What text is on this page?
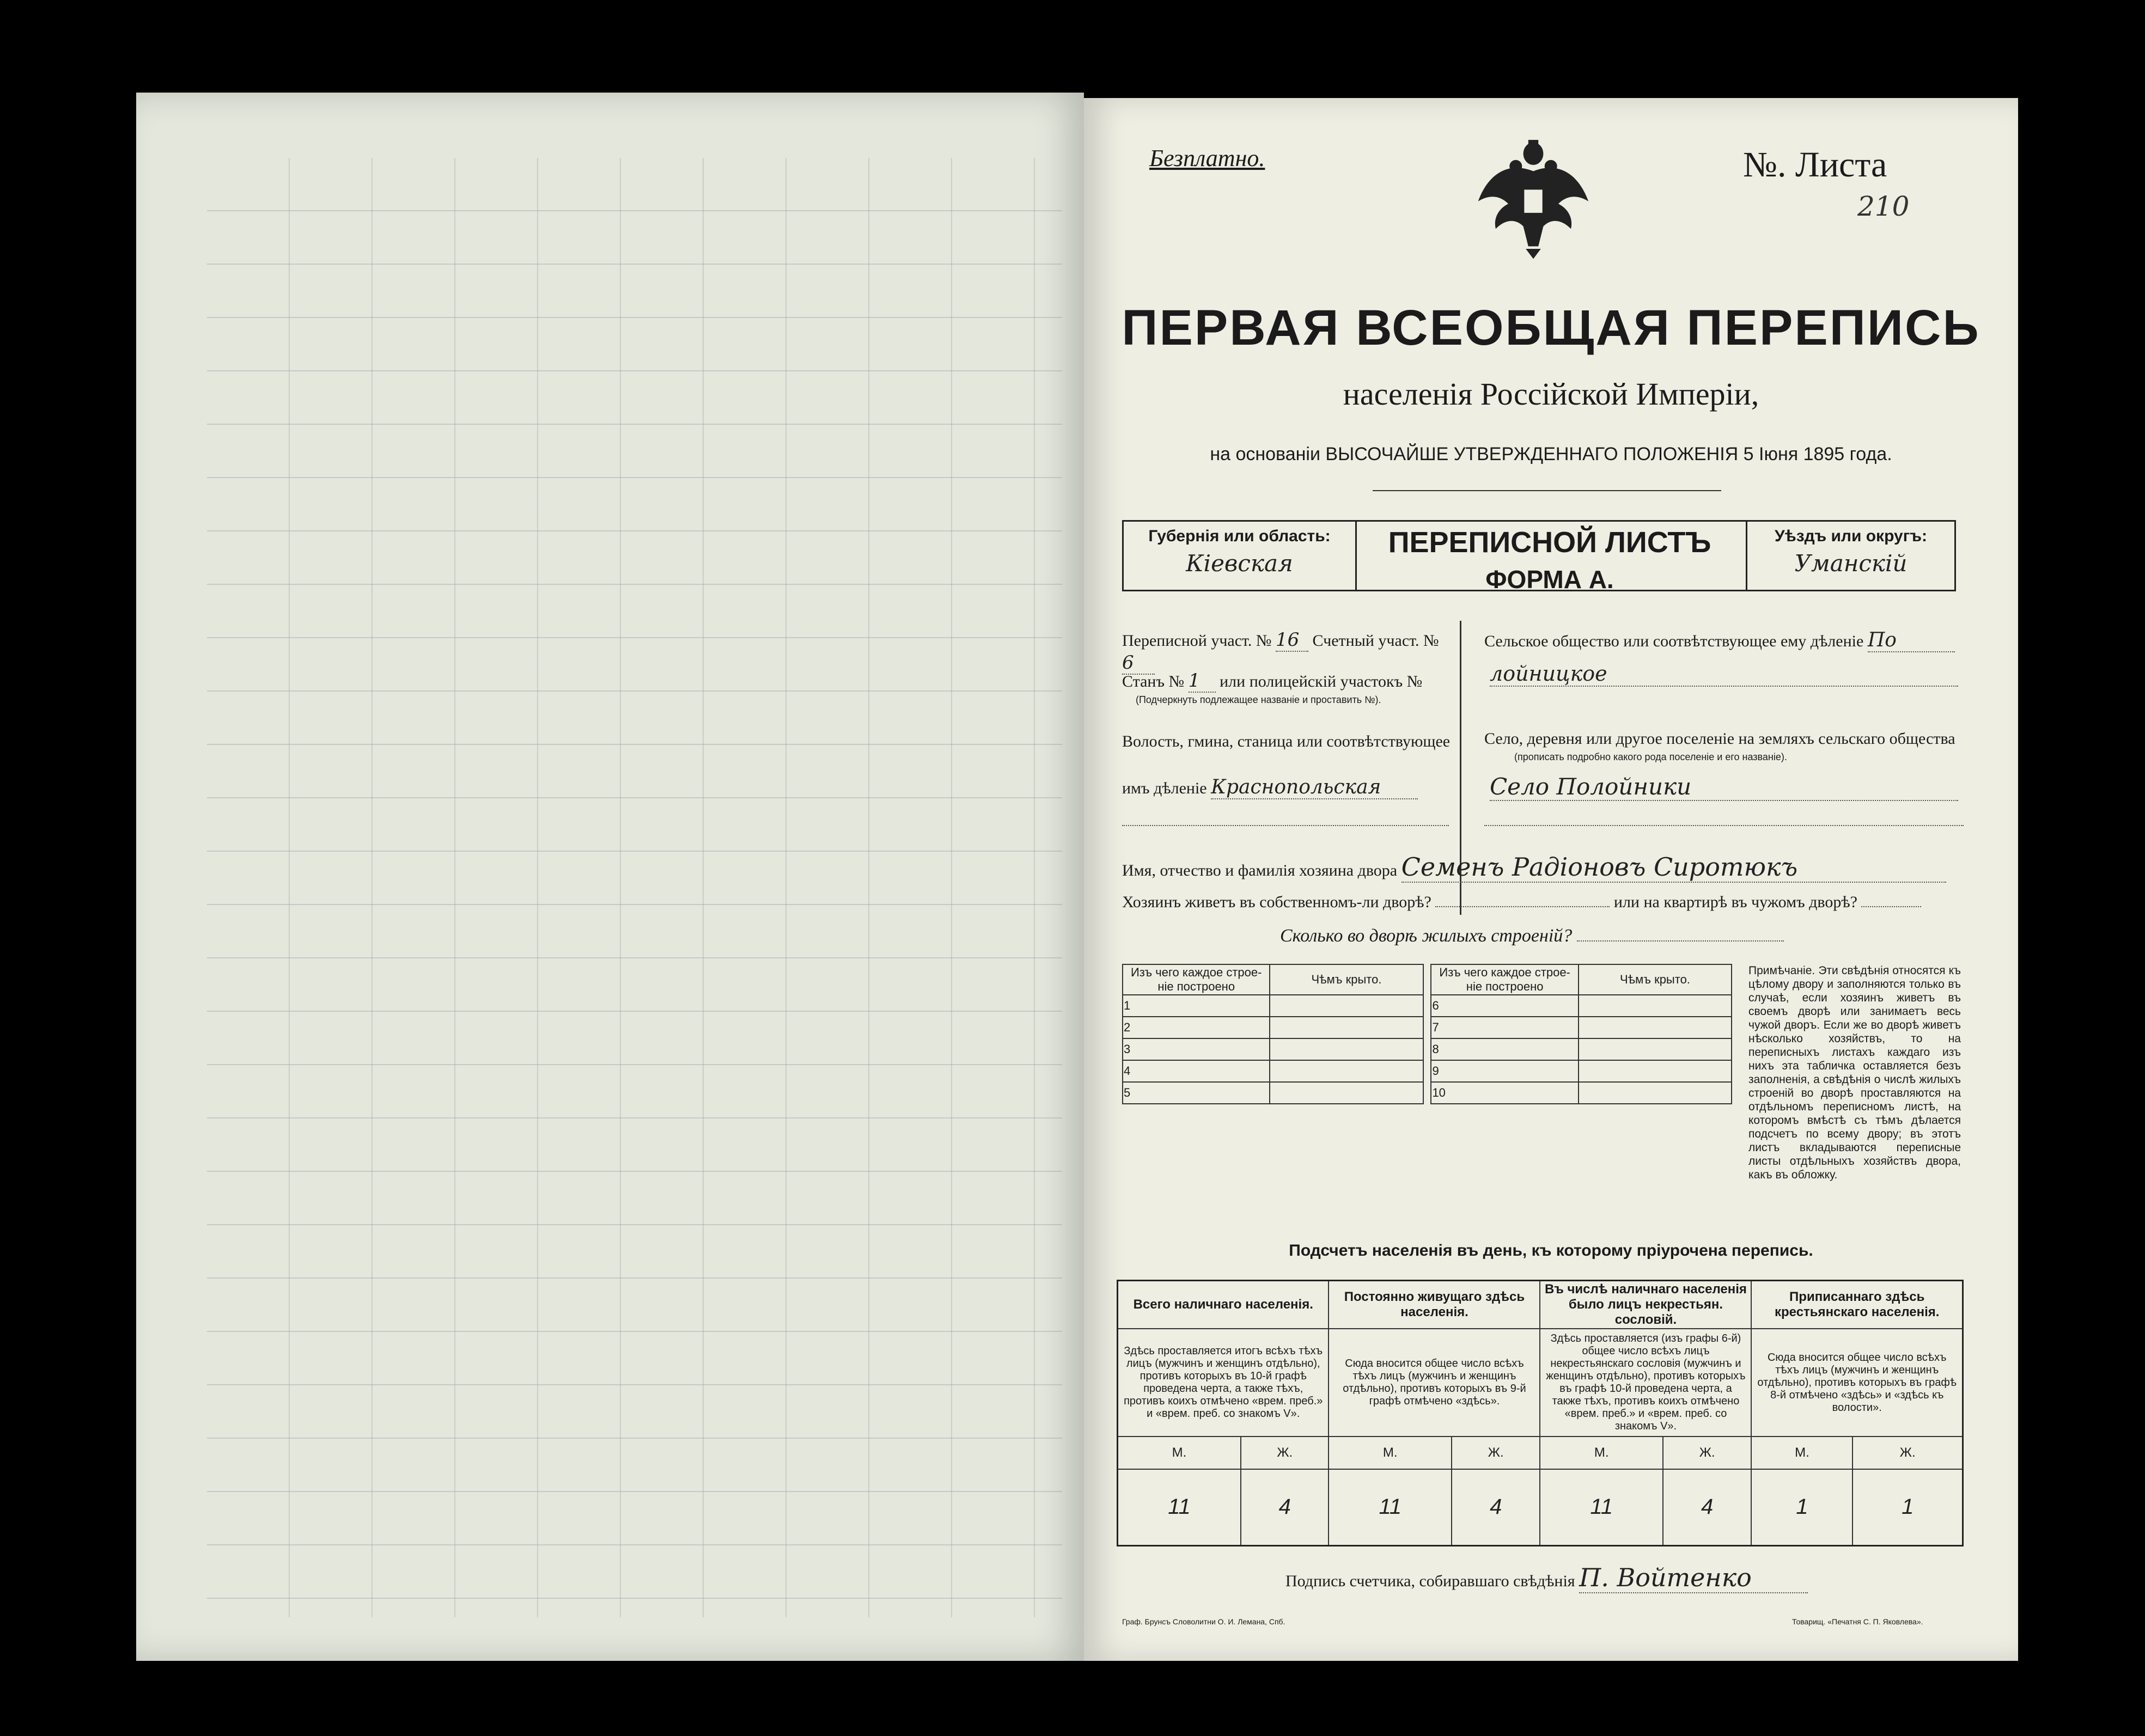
Безплатно.	№. Листа
210
ПЕРВАЯ ВСЕОБЩАЯ ПЕРЕПИСЬ
населенія Россійской Имперіи,
на основаніи ВЫСОЧАЙШЕ УТВЕРЖДЕННАГО ПОЛОЖЕНІЯ 5 Іюня 1895 года.
Губернія или область:
Кіевская
ПЕРЕПИСНОЙ ЛИСТЪ
ФОРМА А.
Уѣздъ или округъ:
Уманскій
Переписной участ. № 16 Счетный участ. № 6
Станъ № 1 или полицейскій участокъ №
(Подчеркнуть подлежащее названіе и проставить №).
Волость, гмина, станица или соотвѣтствующее
имъ дѣленіе Краснопольская
Сельское общество или соотвѣтствующее ему дѣленіе По
лойницкое
Село, деревня или другое поселеніе на земляхъ сельскаго общества
(прописать подробно какого рода поселеніе и его названіе).
Село Полойники
Имя, отчество и фамилія хозяина двора Семенъ Радіоновъ Сиротюкъ
Хозяинъ живетъ въ собственномъ-ли дворѣ?	или на квартирѣ въ чужомъ дворѣ?
Сколько во дворѣ жилыхъ строеній?
Изъ чего каждое строе-ніе построено	Чѣмъ крыто.		Изъ чего каждое строе-ніе построено	Чѣмъ крыто.
1			6	
2			7	
3			8	
4			9	
5			10	
Примѣчаніе. Эти свѣдѣнія относятся къ цѣлому двору и заполняются только въ случаѣ, если хозяинъ живетъ въ своемъ дворѣ или занимаетъ весь чужой дворъ. Если же во дворѣ живетъ нѣсколько хозяйствъ, то на переписныхъ листахъ каждаго изъ нихъ эта табличка оставляется безъ заполненія, а свѣдѣнія о числѣ жилыхъ строеній во дворѣ проставляются на отдѣльномъ переписномъ листѣ, на которомъ вмѣстѣ съ тѣмъ дѣлается подсчетъ по всему двору; въ этотъ листъ вкладываются переписные листы отдѣльныхъ хозяйствъ двора, какъ въ обложку.
Подсчетъ населенія въ день, къ которому пріурочена перепись.
Всего наличнаго населенія.		Постоянно живущаго здѣсь населенія.		Въ числѣ наличнаго населенія было лицъ некрестьян. сословій.		Приписаннаго здѣсь крестьянскаго населенія.	
Здѣсь проставляется итогъ всѣхъ тѣхъ лицъ (мужчинъ и женщинъ отдѣльно), противъ которыхъ въ 10-й графѣ проведена черта, а также тѣхъ, противъ коихъ отмѣчено «врем. преб.» и «врем. преб. со знакомъ V».		Сюда вносится общее число всѣхъ тѣхъ лицъ (мужчинъ и женщинъ отдѣльно), противъ которыхъ въ 9-й графѣ отмѣчено «здѣсь».		Здѣсь проставляется (изъ графы 6-й) общее число всѣхъ лицъ некрестьянскаго сословія (мужчинъ и женщинъ отдѣльно), противъ которыхъ въ графѣ 10-й проведена черта, а также тѣхъ, противъ коихъ отмѣчено «врем. преб.» и «врем. преб. со знакомъ V».		Сюда вносится общее число всѣхъ тѣхъ лицъ (мужчинъ и женщинъ отдѣльно), противъ которыхъ въ графѣ 8-й отмѣчено «здѣсь» и «здѣсь къ волости».	
М.	Ж.	М.	Ж.	М.	Ж.	М.	Ж.
11	4	11	4	11	4	1	1
Подпись счетчика, собиравшаго свѣдѣнія П. Войтенко
Граф. Брунсъ Словолитни О. И. Лемана, Спб.	Товарищ. «Печатня С. П. Яковлева».
